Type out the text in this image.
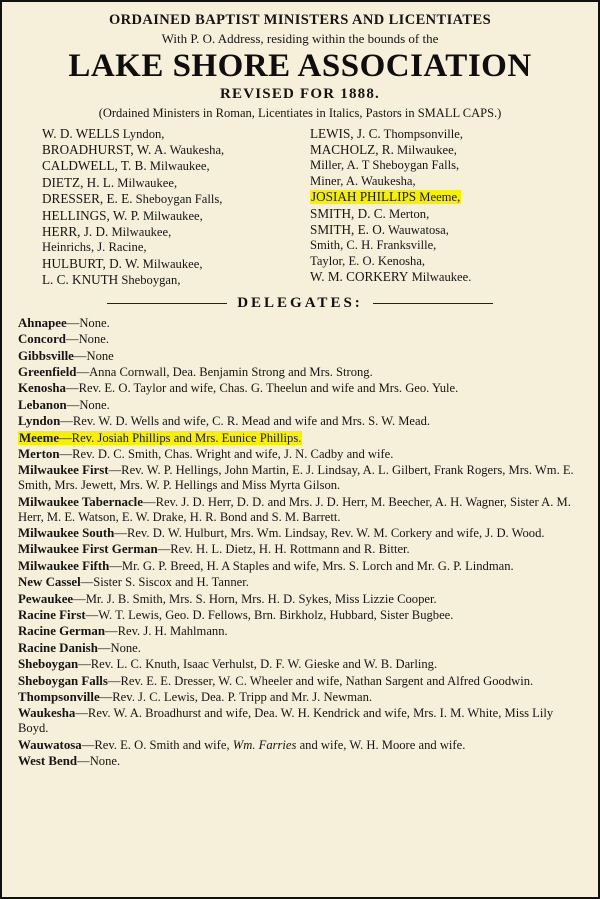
ORDAINED BAPTIST MINISTERS AND LICENTIATES
With P. O. Address, residing within the bounds of the
LAKE SHORE ASSOCIATION
REVISED FOR 1888.
(Ordained Ministers in Roman, Licentiates in Italics, Pastors in SMALL CAPS.)
W. D. WELLS Lyndon,
BROADHURST, W. A. Waukesha,
CALDWELL, T. B. Milwaukee,
DIETZ, H. L. Milwaukee,
DRESSER, E. E. Sheboygan Falls,
HELLINGS, W. P. Milwaukee,
HERR, J. D. Milwaukee,
Heinrichs, J. Racine,
HULBURT, D. W. Milwaukee,
L. C. KNUTH Sheboygan,
LEWIS, J. C. Thompsonville,
MACHOLZ, R. Milwaukee,
Miller, A. T Sheboygan Falls,
Miner, A. Waukesha,
JOSIAH PHILLIPS Meeme,
SMITH, D. C. Merton,
SMITH, E. O. Wauwatosa,
Smith, C. H. Franksville,
Taylor, E. O. Kenosha,
W. M. CORKERY Milwaukee.
DELEGATES:
Ahnapee—None.
Concord—None.
Gibbsville—None
Greenfield—Anna Cornwall, Dea. Benjamin Strong and Mrs. Strong.
Kenosha—Rev. E. O. Taylor and wife, Chas. G. Theelun and wife and Mrs. Geo. Yule.
Lebanon—None.
Lyndon—Rev. W. D. Wells and wife, C. R. Mead and wife and Mrs. S. W. Mead.
Meeme—Rev. Josiah Phillips and Mrs. Eunice Phillips.
Merton—Rev. D. C. Smith, Chas. Wright and wife, J. N. Cadby and wife.
Milwaukee First—Rev. W. P. Hellings, John Martin, E. J. Lindsay, A. L. Gilbert, Frank Rogers, Mrs. Wm. E. Smith, Mrs. Jewett, Mrs. W. P. Hellings and Miss Myrta Gilson.
Milwaukee Tabernacle—Rev. J. D. Herr, D. D. and Mrs. J. D. Herr, M. Beecher, A. H. Wagner, Sister A. M. Herr, M. E. Watson, E. W. Drake, H. R. Bond and S. M. Barrett.
Milwaukee South—Rev. D. W. Hulburt, Mrs. Wm. Lindsay, Rev. W. M. Corkery and wife, J. D. Wood.
Milwaukee First German—Rev. H. L. Dietz, H. H. Rottmann and R. Bitter.
Milwaukee Fifth—Mr. G. P. Breed, H. A Staples and wife, Mrs. S. Lorch and Mr. G. P. Lindman.
New Cassel—Sister S. Siscox and H. Tanner.
Pewaukee—Mr. J. B. Smith, Mrs. S. Horn, Mrs. H. D. Sykes, Miss Lizzie Cooper.
Racine First—W. T. Lewis, Geo. D. Fellows, Brn. Birkholz, Hubbard, Sister Bugbee.
Racine German—Rev. J. H. Mahlmann.
Racine Danish—None.
Sheboygan—Rev. L. C. Knuth, Isaac Verhulst, D. F. W. Gieske and W. B. Darling.
Sheboygan Falls—Rev. E. E. Dresser, W. C. Wheeler and wife, Nathan Sargent and Alfred Goodwin.
Thompsonville—Rev. J. C. Lewis, Dea. P. Tripp and Mr. J. Newman.
Waukesha—Rev. W. A. Broadhurst and wife, Dea. W. H. Kendrick and wife, Mrs. I. M. White, Miss Lily Boyd.
Wauwatosa—Rev. E. O. Smith and wife, Wm. Farries and wife, W. H. Moore and wife.
West Bend—None.
